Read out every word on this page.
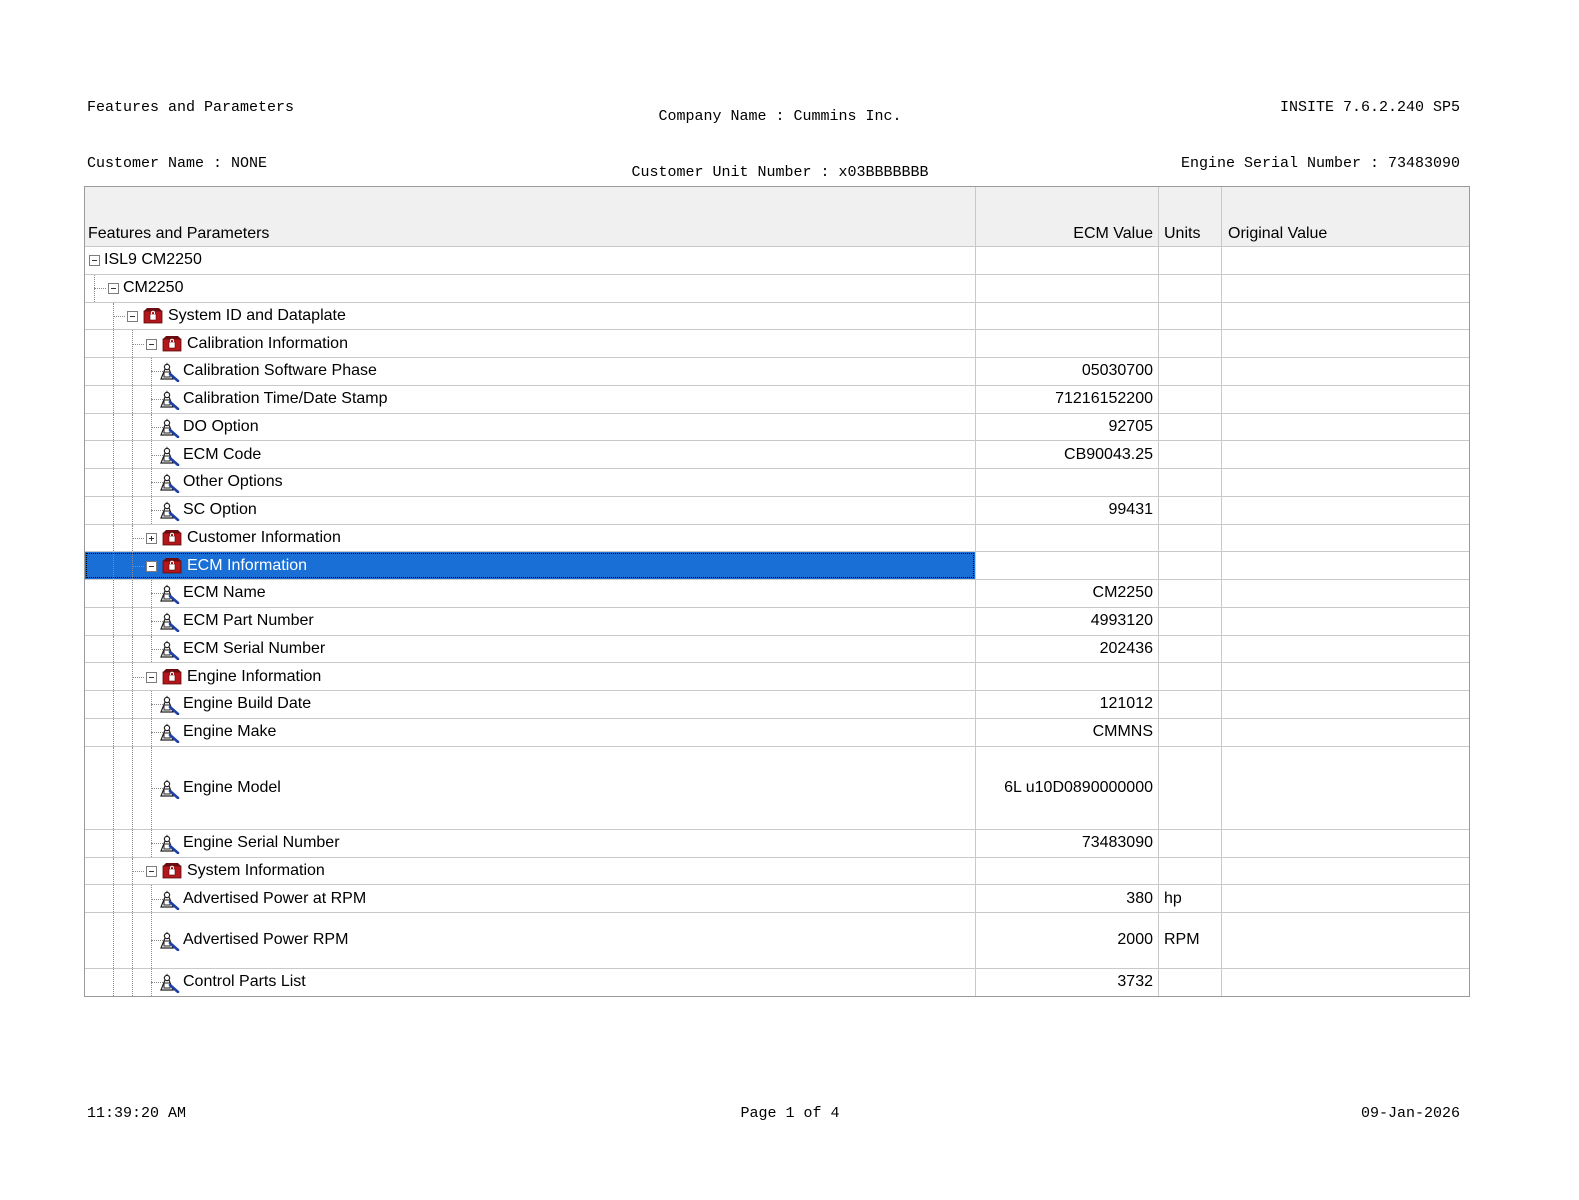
Features and Parameters

Customer Name : NONE

Company Name : Cummins Inc.

Customer Unit Number : x03BBBBBBB

INSITE 7.6.2.240 SP5

Engine Serial Number : 73483090

Features and Parameters	ECM Value Units	Original Value
ISL9 CM2250
CM2250
System ID and Dataplate
Calibration Information
Calibration Software Phase	05030700
Calibration Time/Date Stamp	71216152200
DO Option	92705
ECM Code	CB90043.25
Other Options
SC Option	99431
Customer Information
ECM Information
ECM Name	CM2250
ECM Part Number	4993120
ECM Serial Number	202436
Engine Information
Engine Build Date	121012
Engine Make	CMMNS
Engine Model	6L u10D0890000000
Engine Serial Number	73483090
System Information
Advertised Power at RPM	380 hp
Advertised Power RPM	2000 RPM
Control Parts List	3732
11:39:20 AM	Page 1 of 4	09-Jan-2026
